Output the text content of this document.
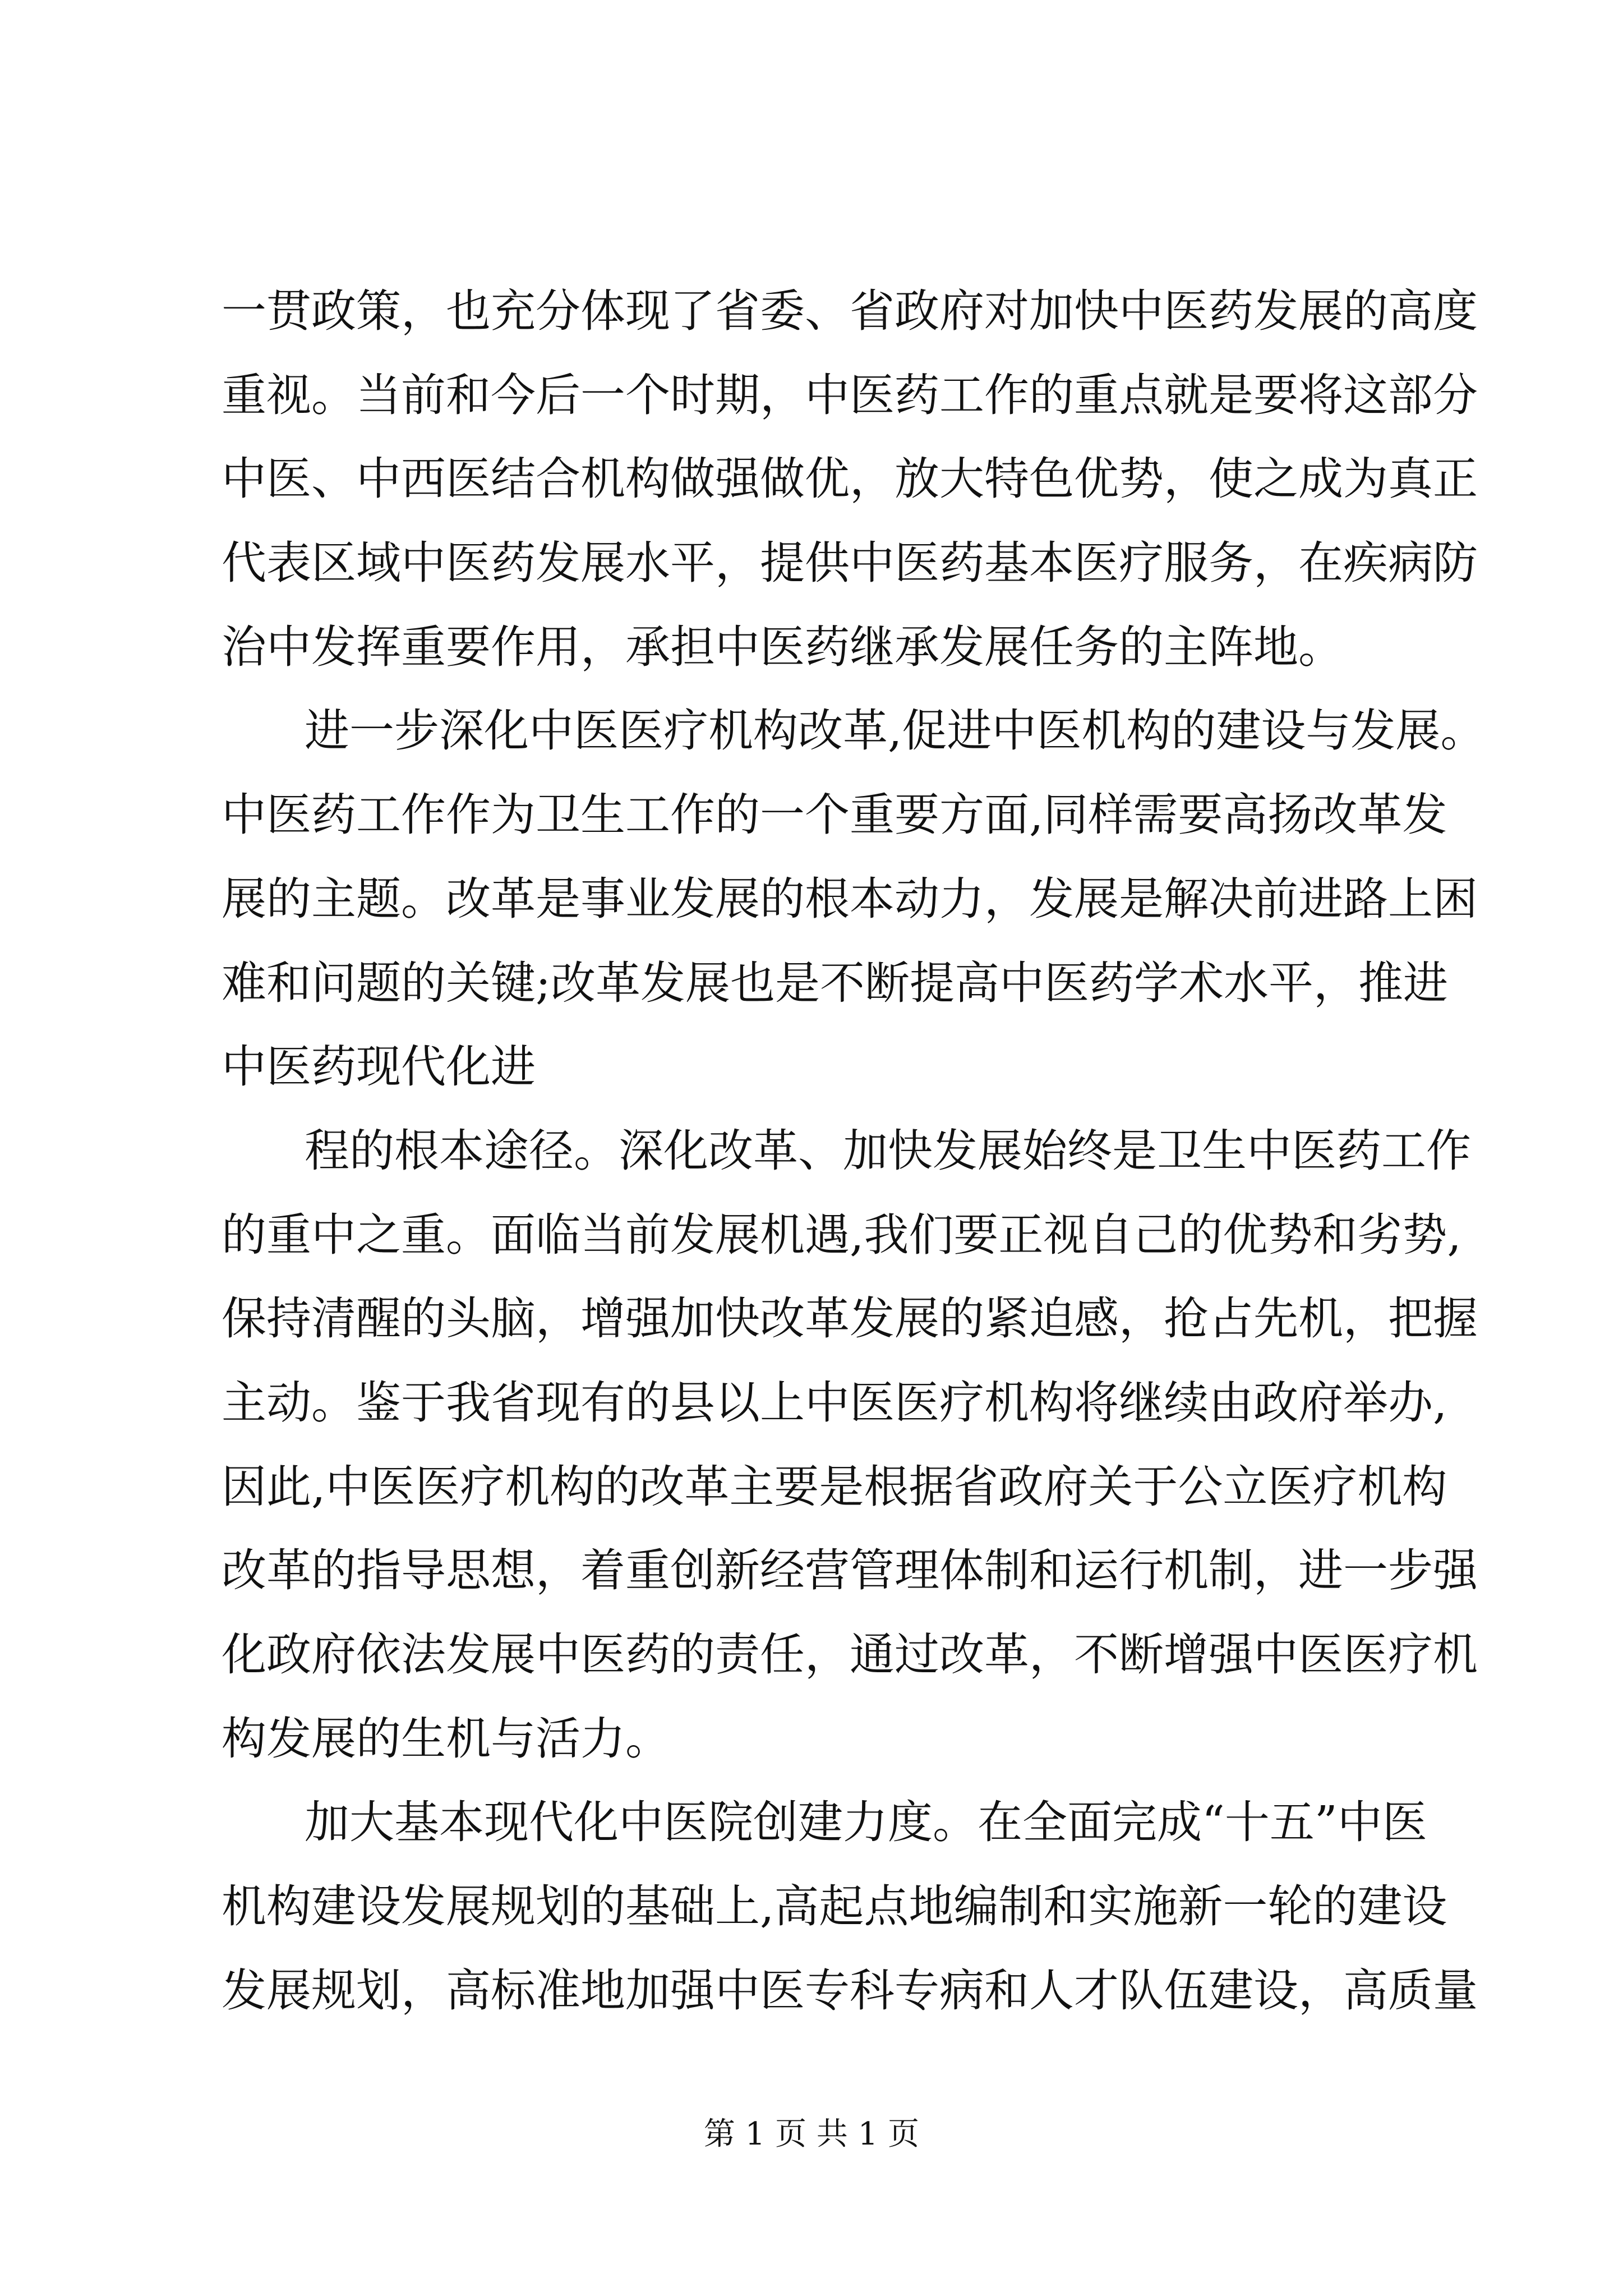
一贯政策，也充分体现了省委、省政府对加快中医药发展的高度
重视。当前和今后一个时期，中医药工作的重点就是要将这部分
中医、中西医结合机构做强做优，放大特色优势，使之成为真正
代表区域中医药发展水平，提供中医药基本医疗服务，在疾病防
治中发挥重要作用，承担中医药继承发展任务的主阵地。
进一步深化中医医疗机构改革,促进中医机构的建设与发展。
中医药工作作为卫生工作的一个重要方面,同样需要高扬改革发
展的主题。改革是事业发展的根本动力，发展是解决前进路上困
难和问题的关键;改革发展也是不断提高中医药学术水平，推进
中医药现代化进
程的根本途径。深化改革、加快发展始终是卫生中医药工作
的重中之重。面临当前发展机遇,我们要正视自己的优势和劣势,
保持清醒的头脑，增强加快改革发展的紧迫感，抢占先机，把握
主动。鉴于我省现有的县以上中医医疗机构将继续由政府举办,
因此,中医医疗机构的改革主要是根据省政府关于公立医疗机构
改革的指导思想，着重创新经营管理体制和运行机制，进一步强
化政府依法发展中医药的责任，通过改革，不断增强中医医疗机
构发展的生机与活力。
加大基本现代化中医院创建力度。在全面完成“十五”中医
机构建设发展规划的基础上,高起点地编制和实施新一轮的建设
发展规划，高标准地加强中医专科专病和人才队伍建设，高质量
第 1 页 共 1 页
